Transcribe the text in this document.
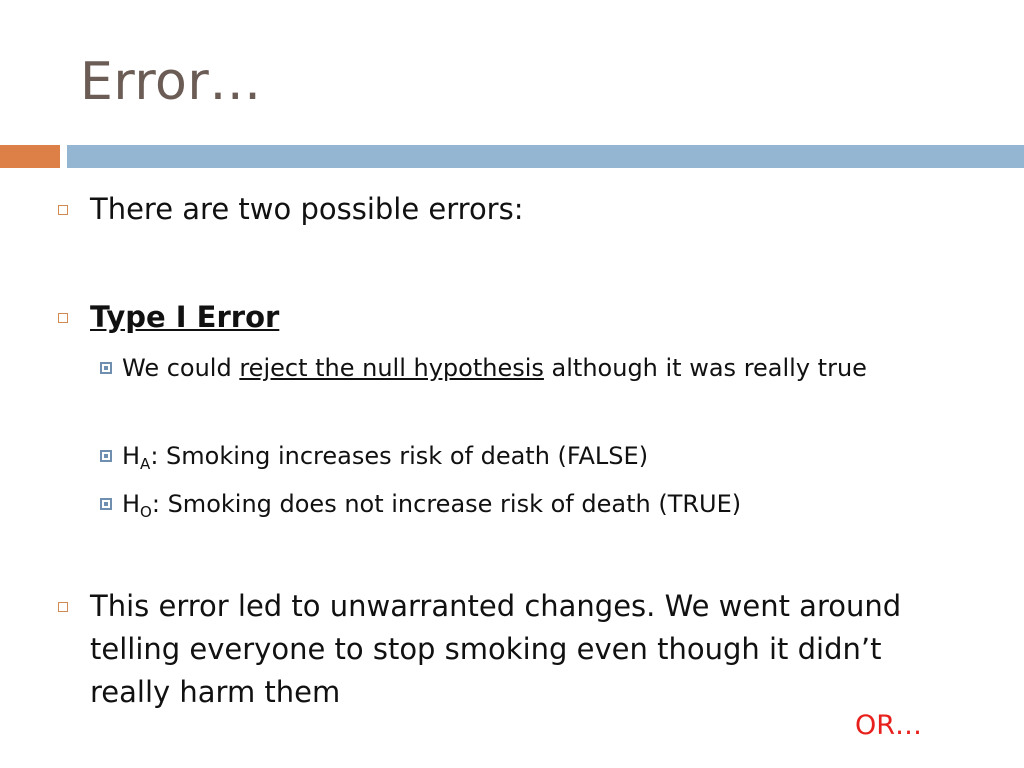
Error…
There are two possible errors:
Type I Error
We could reject the null hypothesis although it was really true
$H_A$: Smoking increases risk of death (FALSE)
$H_O$: Smoking does not increase risk of death (TRUE)
This error led to unwarranted changes. We went around telling everyone to stop smoking even though it didn’t really harm them
OR…
